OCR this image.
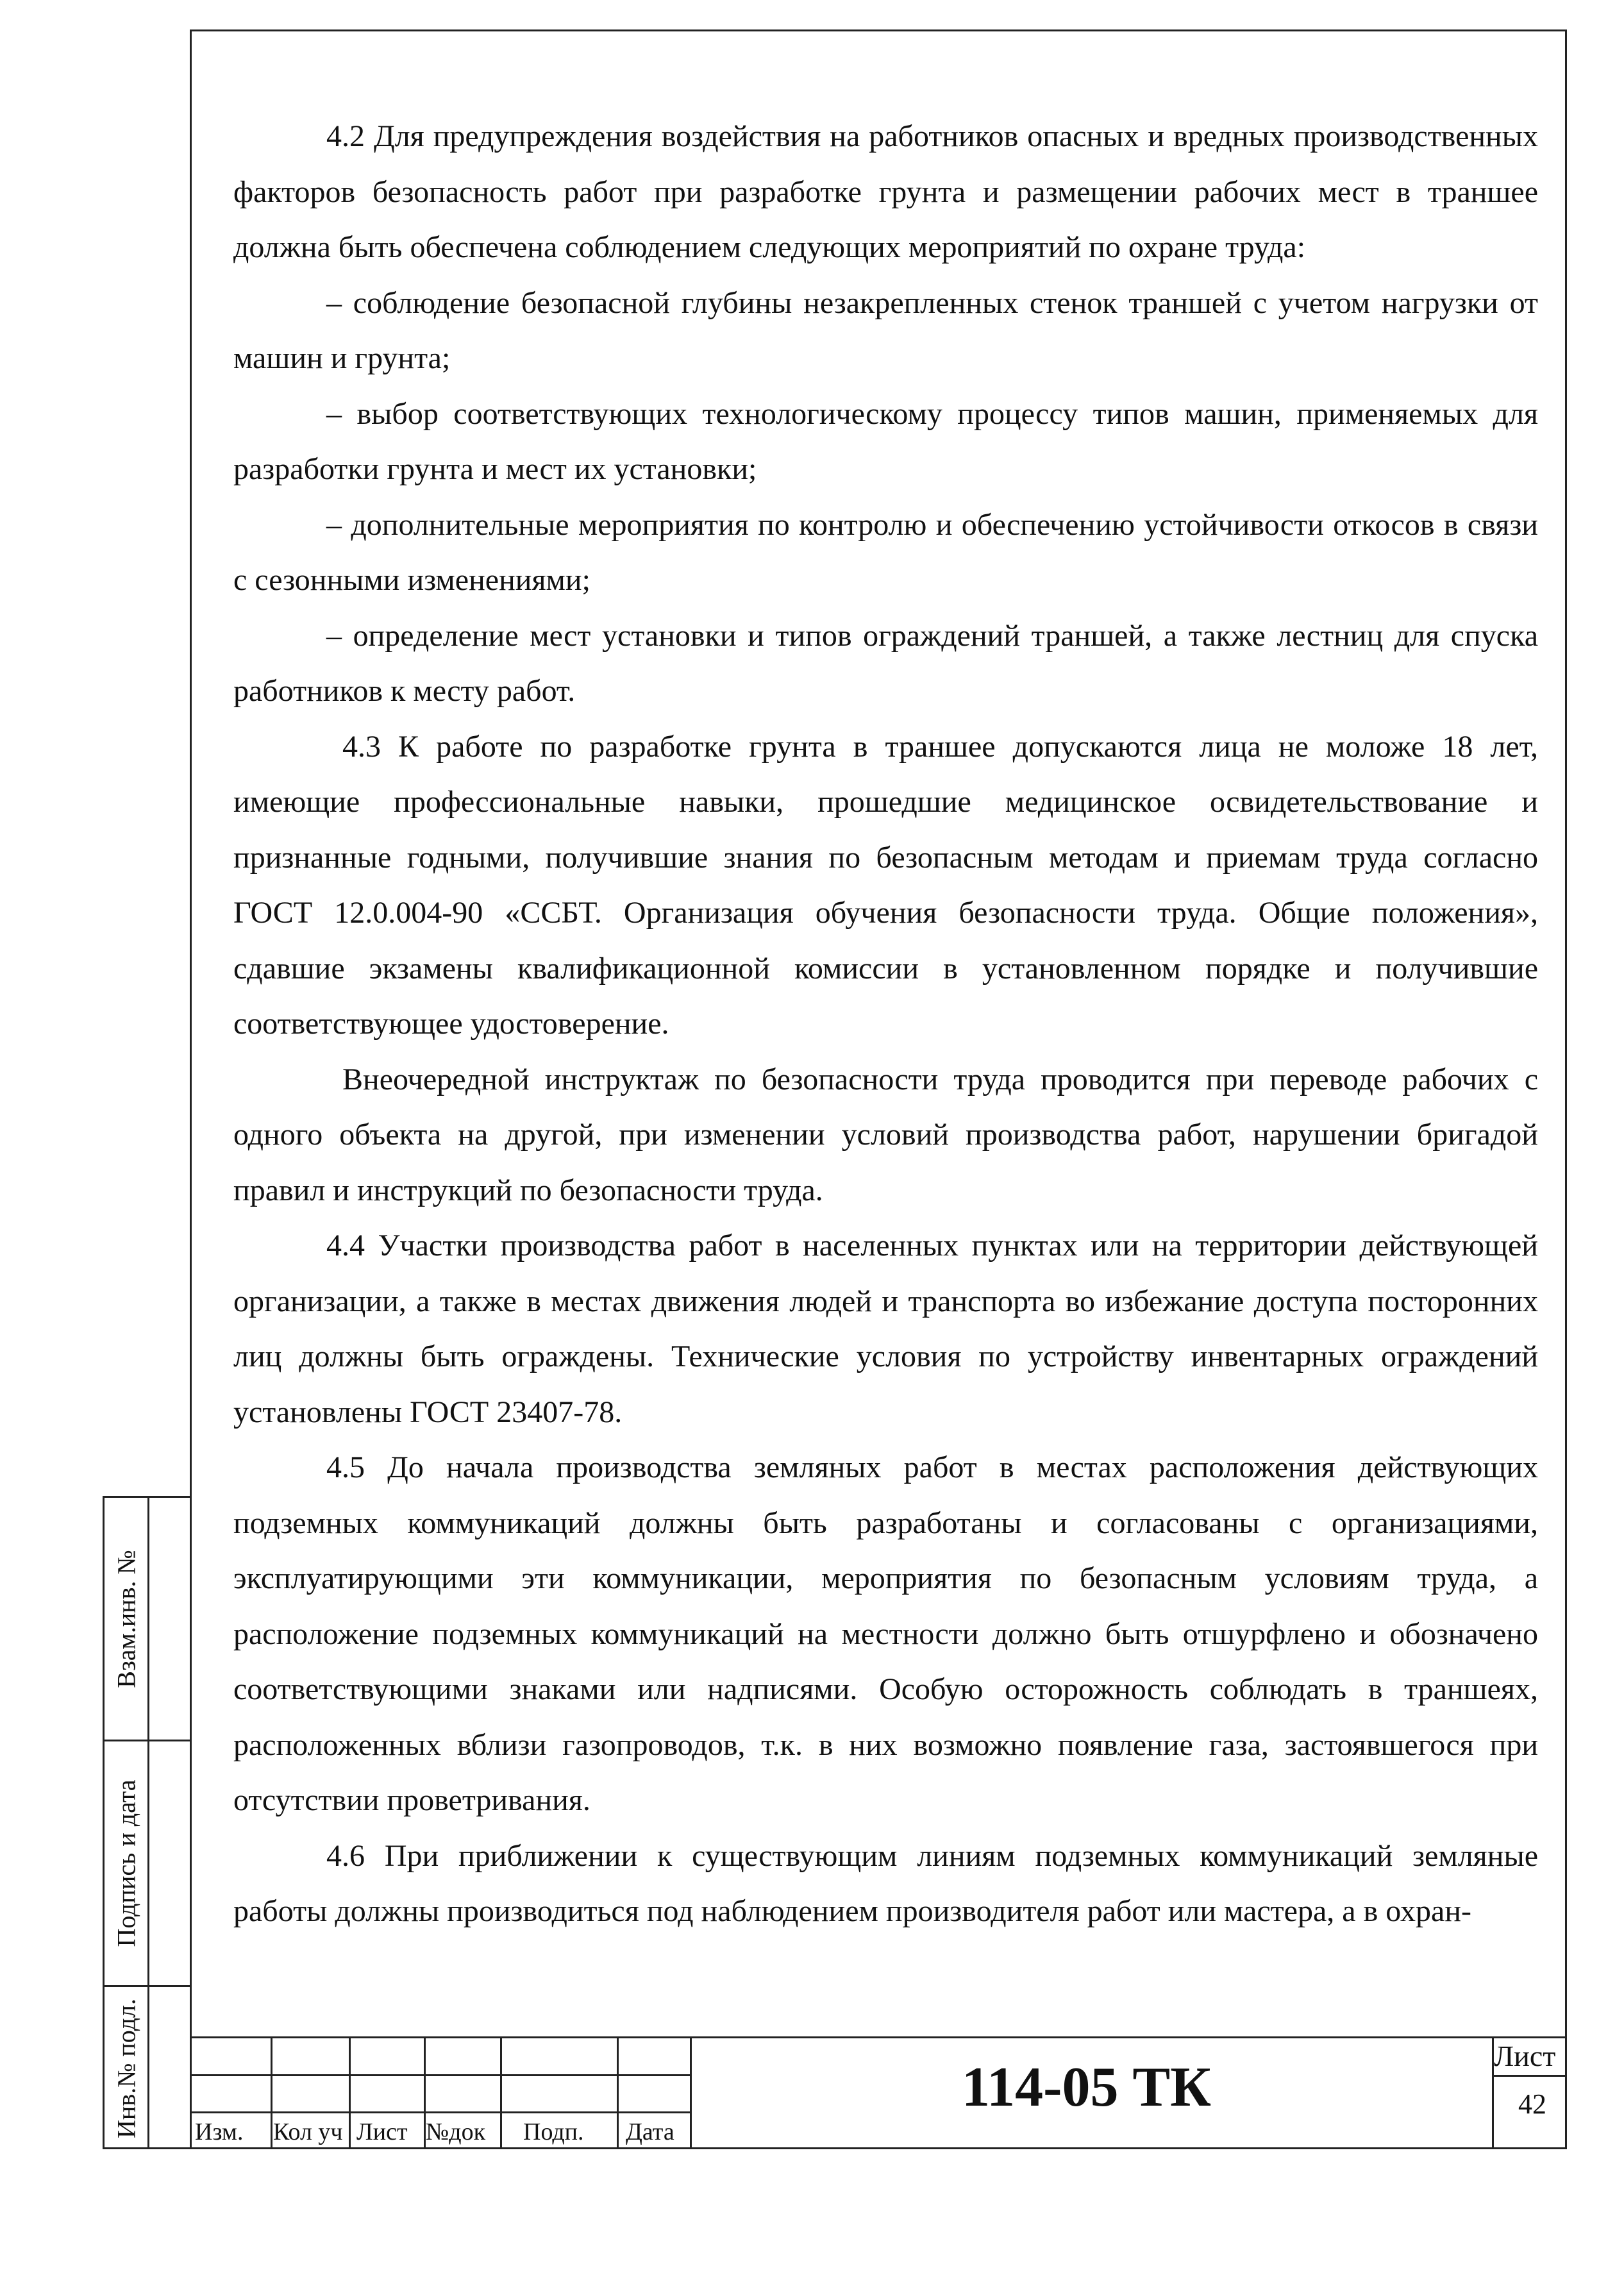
4.2 Для предупреждения воздействия на работников опасных и вредных производственных факторов безопасность работ при разработке грунта и размещении рабочих мест в траншее должна быть обеспечена соблюдением следующих мероприятий по охране труда:

– соблюдение безопасной глубины незакрепленных стенок траншей с учетом нагрузки от машин и грунта;

– выбор соответствующих технологическому процессу типов машин, применяемых для разработки грунта и мест их установки;

– дополнительные мероприятия по контролю и обеспечению устойчивости откосов в связи с сезонными изменениями;

– определение мест установки и типов ограждений траншей, а также лестниц для спуска работников к месту работ.

4.3 К работе по разработке грунта в траншее допускаются лица не моложе 18 лет, имеющие профессиональные навыки, прошедшие медицинское освидетельствование и признанные годными, получившие знания по безопасным методам и приемам труда согласно ГОСТ 12.0.004-90 «ССБТ. Организация обучения безопасности труда. Общие положения», сдавшие экзамены квалификационной комиссии в установленном порядке и получившие соответствующее удостоверение.

Внеочередной инструктаж по безопасности труда проводится при переводе рабочих с одного объекта на другой, при изменении условий производства работ, нарушении бригадой правил и инструкций по безопасности труда.

4.4 Участки производства работ в населенных пунктах или на территории действующей организации, а также в местах движения людей и транспорта во избежание доступа посторонних лиц должны быть ограждены. Технические условия по устройству инвентарных ограждений установлены ГОСТ 23407-78.

4.5 До начала производства земляных работ в местах расположения действующих подземных коммуникаций должны быть разработаны и согласованы с организациями, эксплуатирующими эти коммуникации, мероприятия по безопасным условиям труда, а расположение подземных коммуникаций на местности должно быть отшурфлено и обозначено соответствующими знаками или надписями. Особую осторожность соблюдать в траншеях, расположенных вблизи газопроводов, т.к. в них возможно появление газа, застоявшегося при отсутствии проветривания.

4.6 При приближении к существующим линиям подземных коммуникаций земляные работы должны производиться под наблюдением производителя работ или мастера, а в охран-

Взам.инв. №
Подпись и дата
Инв.№ подл. Изм. Кол уч Лист №док Подп. Дата
114-05 ТК
Лист
42
